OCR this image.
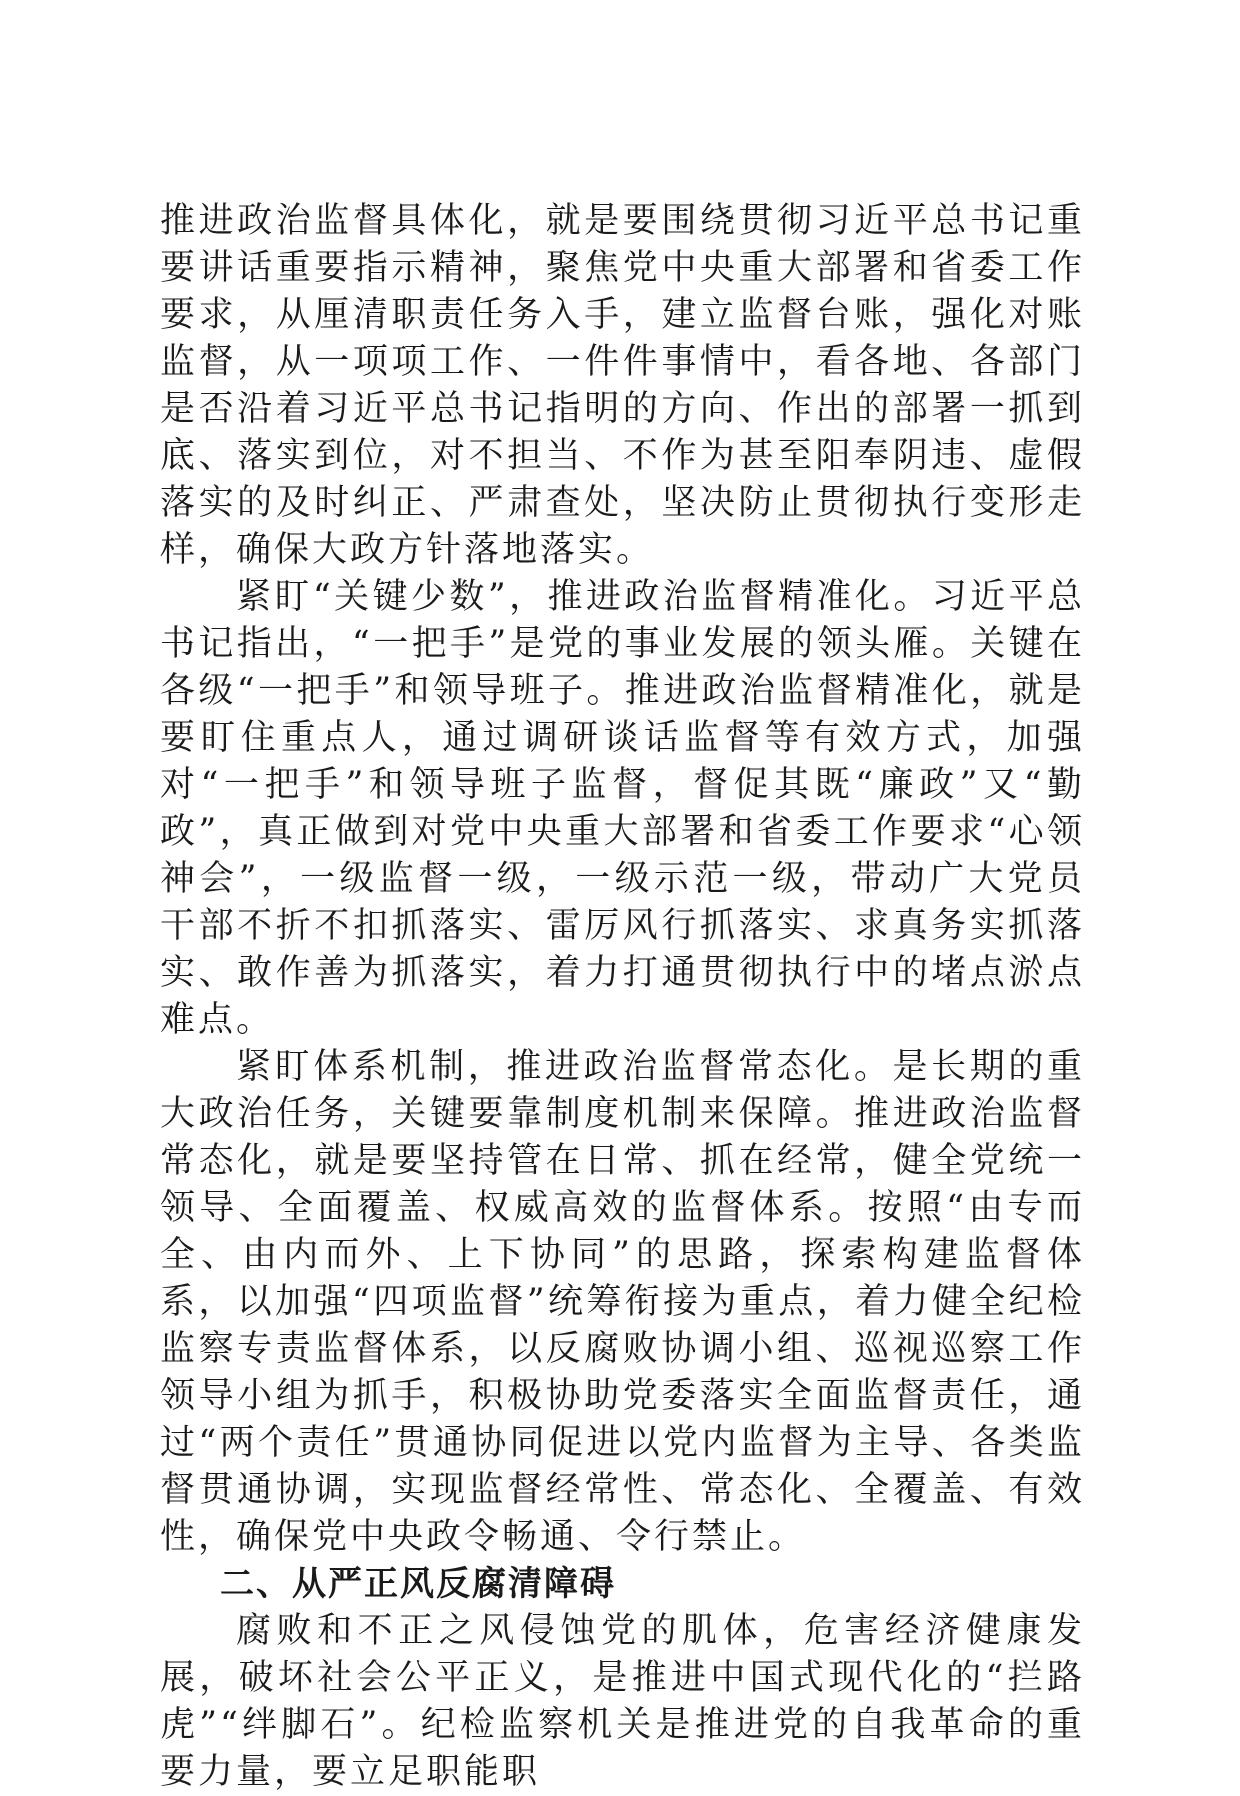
推进政治监督具体化，就是要围绕贯彻习近平总书记重要讲话重要指示精神，聚焦党中央重大部署和省委工作要求，从厘清职责任务入手，建立监督台账，强化对账监督，从一项项工作、一件件事情中，看各地、各部门是否沿着习近平总书记指明的方向、作出的部署一抓到底、落实到位，对不担当、不作为甚至阳奉阴违、虚假落实的及时纠正、严肃查处，坚决防止贯彻执行变形走样，确保大政方针落地落实。

紧盯“关键少数”，推进政治监督精准化。习近平总书记指出，“一把手”是党的事业发展的领头雁。关键在各级“一把手”和领导班子。推进政治监督精准化，就是要盯住重点人，通过调研谈话监督等有效方式，加强对“一把手”和领导班子监督，督促其既“廉政”又“勤政”，真正做到对党中央重大部署和省委工作要求“心领神会”，一级监督一级，一级示范一级，带动广大党员干部不折不扣抓落实、雷厉风行抓落实、求真务实抓落实、敢作善为抓落实，着力打通贯彻执行中的堵点淤点难点。

紧盯体系机制，推进政治监督常态化。是长期的重大政治任务，关键要靠制度机制来保障。推进政治监督常态化，就是要坚持管在日常、抓在经常，健全党统一领导、全面覆盖、权威高效的监督体系。按照“由专而全、由内而外、上下协同”的思路，探索构建监督体系，以加强“四项监督”统筹衔接为重点，着力健全纪检监察专责监督体系，以反腐败协调小组、巡视巡察工作领导小组为抓手，积极协助党委落实全面监督责任，通过“两个责任”贯通协同促进以党内监督为主导、各类监督贯通协调，实现监督经常性、常态化、全覆盖、有效性，确保党中央政令畅通、令行禁止。

二、从严正风反腐清障碍

腐败和不正之风侵蚀党的肌体，危害经济健康发展，破坏社会公平正义，是推进中国式现代化的“拦路虎”“绊脚石”。纪检监察机关是推进党的自我革命的重要力量，要立足职能职
